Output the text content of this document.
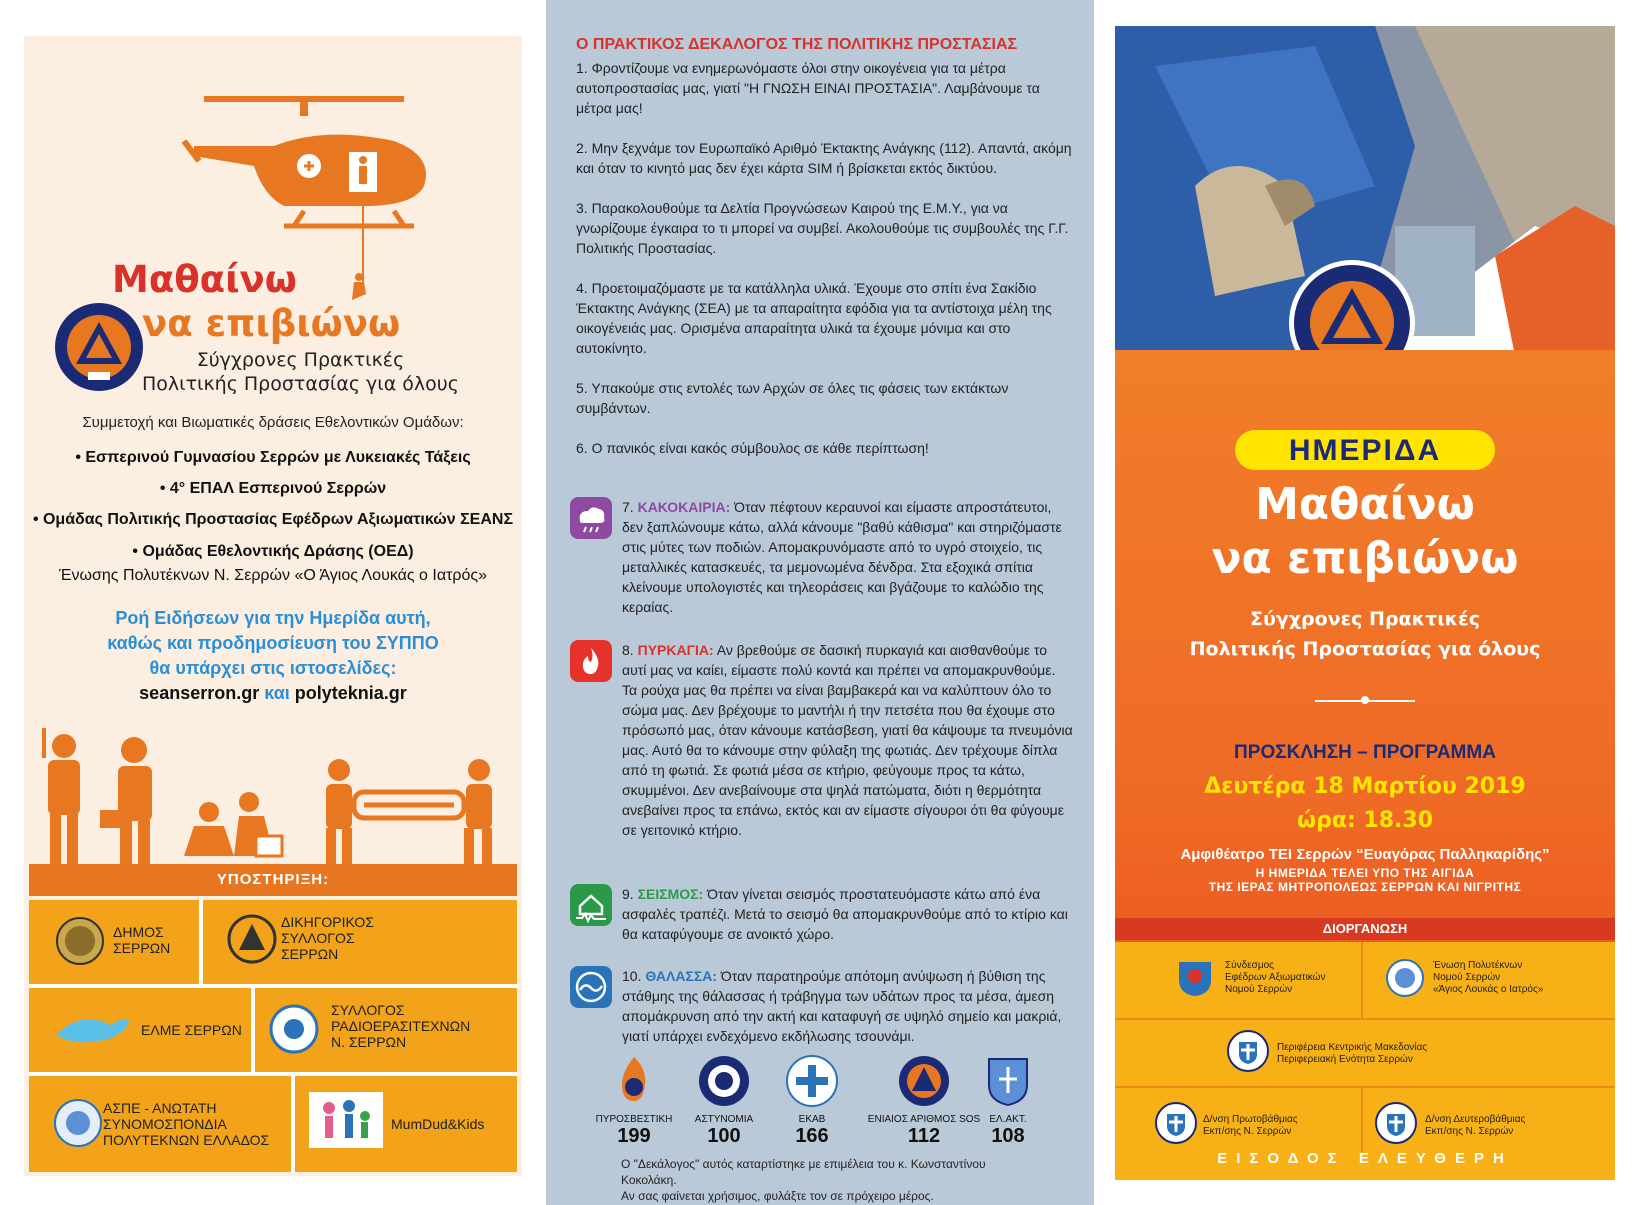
Μαθαίνω
να επιβιώνω
Σύγχρονες Πρακτικές
Πολιτικής Προστασίας για όλους
Συμμετοχή και Βιωματικές δράσεις Εθελοντικών Ομάδων:
• Εσπερινού Γυμνασίου Σερρών με Λυκειακές Τάξεις
• 4° ΕΠΑΛ Εσπερινού Σερρών
• Ομάδας Πολιτικής Προστασίας Εφέδρων Αξιωματικών ΣΕΑΝΣ
• Ομάδας Εθελοντικής Δράσης (ΟΕΔ)
Ένωσης Πολυτέκνων Ν. Σερρών «Ο Άγιος Λουκάς ο Ιατρός»
Ροή Ειδήσεων για την Ημερίδα αυτή,
καθώς και προδημοσίευση του ΣΥΠΠΟ
θα υπάρχει στις ιστοσελίδες:
seanserron.gr και polyteknia.gr
ΥΠΟΣΤΗΡΙΞΗ:
ΔΗΜΟΣ
ΣΕΡΡΩΝ
ΔΙΚΗΓΟΡΙΚΟΣ
ΣΥΛΛΟΓΟΣ
ΣΕΡΡΩΝ
ΕΛΜΕ ΣΕΡΡΩΝ
ΣΥΛΛΟΓΟΣ
ΡΑΔΙΟΕΡΑΣΙΤΕΧΝΩΝ
Ν. ΣΕΡΡΩΝ
ΑΣΠΕ - ΑΝΩΤΑΤΗ
ΣΥΝΟΜΟΣΠΟΝΔΙΑ
ΠΟΛΥΤΕΚΝΩΝ ΕΛΛΑΔΟΣ
MumDud&Kids
Ο ΠΡΑΚΤΙΚΟΣ ΔΕΚΑΛΟΓΟΣ ΤΗΣ ΠΟΛΙΤΙΚΗΣ ΠΡΟΣΤΑΣΙΑΣ

1. Φροντίζουμε να ενημερωνόμαστε όλοι στην οικογένεια για τα μέτρα αυτοπροστασίας μας, γιατί "Η ΓΝΩΣΗ ΕΙΝΑΙ ΠΡΟΣΤΑΣΙΑ". Λαμβάνουμε τα μέτρα μας!

2. Μην ξεχνάμε τον Ευρωπαϊκό Αριθμό Έκτακτης Ανάγκης (112). Απαντά, ακόμη και όταν το κινητό μας δεν έχει κάρτα SIM ή βρίσκεται εκτός δικτύου.

3. Παρακολουθούμε τα Δελτία Προγνώσεων Καιρού της Ε.Μ.Υ., για να γνωρίζουμε έγκαιρα το τι μπορεί να συμβεί. Ακολουθούμε τις συμβουλές της Γ.Γ. Πολιτικής Προστασίας.

4. Προετοιμαζόμαστε με τα κατάλληλα υλικά. Έχουμε στο σπίτι ένα Σακίδιο Έκτακτης Ανάγκης (ΣΕΑ) με τα απαραίτητα εφόδια για τα αντίστοιχα μέλη της οικογένειάς μας. Ορισμένα απαραίτητα υλικά τα έχουμε μόνιμα και στο αυτοκίνητο.

5. Υπακούμε στις εντολές των Αρχών σε όλες τις φάσεις των εκτάκτων συμβάντων.

6. Ο πανικός είναι κακός σύμβουλος σε κάθε περίπτωση!

7. ΚΑΚΟΚΑΙΡΙΑ: Όταν πέφτουν κεραυνοί και είμαστε απροστάτευτοι, δεν ξαπλώνουμε κάτω, αλλά κάνουμε "βαθύ κάθισμα" και στηριζόμαστε στις μύτες των ποδιών. Απομακρυνόμαστε από το υγρό στοιχείο, τις μεταλλικές κατασκευές, τα μεμονωμένα δένδρα. Στα εξοχικά σπίτια κλείνουμε υπολογιστές και τηλεοράσεις και βγάζουμε το καλώδιο της κεραίας.
8. ΠΥΡΚΑΓΙΑ: Αν βρεθούμε σε δασική πυρκαγιά και αισθανθούμε το αυτί μας να καίει, είμαστε πολύ κοντά και πρέπει να απομακρυνθούμε. Τα ρούχα μας θα πρέπει να είναι βαμβακερά και να καλύπτουν όλο το σώμα μας. Δεν βρέχουμε το μαντήλι ή την πετσέτα που θα έχουμε στο πρόσωπό μας, όταν κάνουμε κατάσβεση, γιατί θα κάψουμε τα πνευμόνια μας. Αυτό θα το κάνουμε στην φύλαξη της φωτιάς. Δεν τρέχουμε δίπλα από τη φωτιά. Σε φωτιά μέσα σε κτήριο, φεύγουμε προς τα κάτω, σκυμμένοι. Δεν ανεβαίνουμε στα ψηλά πατώματα, διότι η θερμότητα ανεβαίνει προς τα επάνω, εκτός και αν είμαστε σίγουροι ότι θα φύγουμε σε γειτονικό κτήριο.
9. ΣΕΙΣΜΟΣ: Όταν γίνεται σεισμός προστατευόμαστε κάτω από ένα ασφαλές τραπέζι. Μετά το σεισμό θα απομακρυνθούμε από το κτίριο και θα καταφύγουμε σε ανοικτό χώρο.
10. ΘΑΛΑΣΣΑ: Όταν παρατηρούμε απότομη ανύψωση ή βύθιση της στάθμης της θάλασσας ή τράβηγμα των υδάτων προς τα μέσα, άμεση απομάκρυνση από την ακτή και καταφυγή σε υψηλό σημείο και μακριά, γιατί υπάρχει ενδεχόμενο εκδήλωσης τσουνάμι.
ΠΥΡΟΣΒΕΣΤΙΚΗ
199
ΑΣΤΥΝΟΜΙΑ
100
ΕΚΑΒ
166
ΕΝΙΑΙΟΣ ΑΡΙΘΜΟΣ SOS
112
ΕΛ.ΑΚΤ.
108
Ο "Δεκάλογος" αυτός καταρτίστηκε με επιμέλεια του κ. Κωνσταντίνου Κοκολάκη.
Αν σας φαίνεται χρήσιμος, φυλάξτε τον σε πρόχειρο μέρος.
ΗΜΕΡΙΔΑ
Μαθαίνω
να επιβιώνω
Σύγχρονες Πρακτικές
Πολιτικής Προστασίας για όλους
ΠΡΟΣΚΛΗΣΗ – ΠΡΟΓΡΑΜΜΑ
Δευτέρα 18 Μαρτίου 2019
ώρα: 18.30
Αμφιθέατρο ΤΕΙ Σερρών “Ευαγόρας Παλληκαρίδης”
Η ΗΜΕΡΙΔΑ ΤΕΛΕΙ ΥΠΟ ΤΗΣ ΑΙΓΙΔΑ
ΤΗΣ ΙΕΡΑΣ ΜΗΤΡΟΠΟΛΕΩΣ ΣΕΡΡΩΝ ΚΑΙ ΝΙΓΡΙΤΗΣ
ΔΙΟΡΓΑΝΩΣΗ
Σύνδεσμος
Εφέδρων Αξιωματικών
Νομού Σερρών
Ένωση Πολυτέκνων
Νομού Σερρών
«Άγιος Λουκάς ο Ιατρός»
Περιφέρεια Κεντρικής Μακεδονίας
Περιφερειακή Ενότητα Σερρών
Δ/νση Πρωτοβάθμιας
Εκπ/σης Ν. Σερρών
Δ/νση Δευτεροβάθμιας
Εκπ/σης Ν. Σερρών
ΕΙΣΟΔΟΣ ΕΛΕΥΘΕΡΗ
